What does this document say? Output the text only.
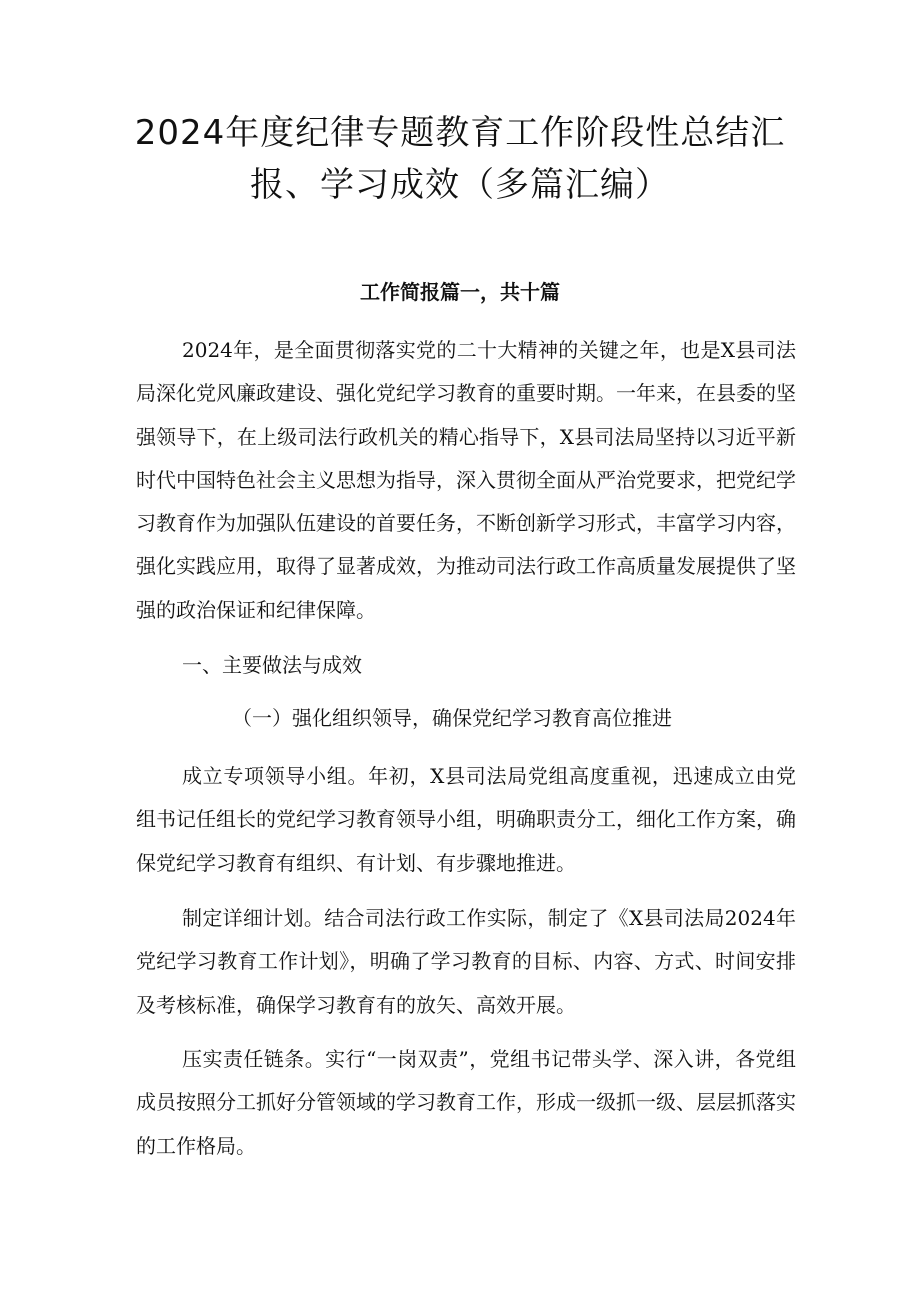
2024年度纪律专题教育工作阶段性总结汇
报、学习成效（多篇汇编）
工作简报篇一，共十篇

2024年，是全面贯彻落实党的二十大精神的关键之年，也是X县司法局深化党风廉政建设、强化党纪学习教育的重要时期。一年来，在县委的坚强领导下，在上级司法行政机关的精心指导下，X县司法局坚持以习近平新时代中国特色社会主义思想为指导，深入贯彻全面从严治党要求，把党纪学习教育作为加强队伍建设的首要任务，不断创新学习形式，丰富学习内容，强化实践应用，取得了显著成效，为推动司法行政工作高质量发展提供了坚强的政治保证和纪律保障。

一、主要做法与成效
（一）强化组织领导，确保党纪学习教育高位推进

成立专项领导小组。年初，X县司法局党组高度重视，迅速成立由党组书记任组长的党纪学习教育领导小组，明确职责分工，细化工作方案，确保党纪学习教育有组织、有计划、有步骤地推进。

制定详细计划。结合司法行政工作实际，制定了《X县司法局2024年党纪学习教育工作计划》，明确了学习教育的目标、内容、方式、时间安排及考核标准，确保学习教育有的放矢、高效开展。

压实责任链条。实行“一岗双责”，党组书记带头学、深入讲，各党组成员按照分工抓好分管领域的学习教育工作，形成一级抓一级、层层抓落实的工作格局。
